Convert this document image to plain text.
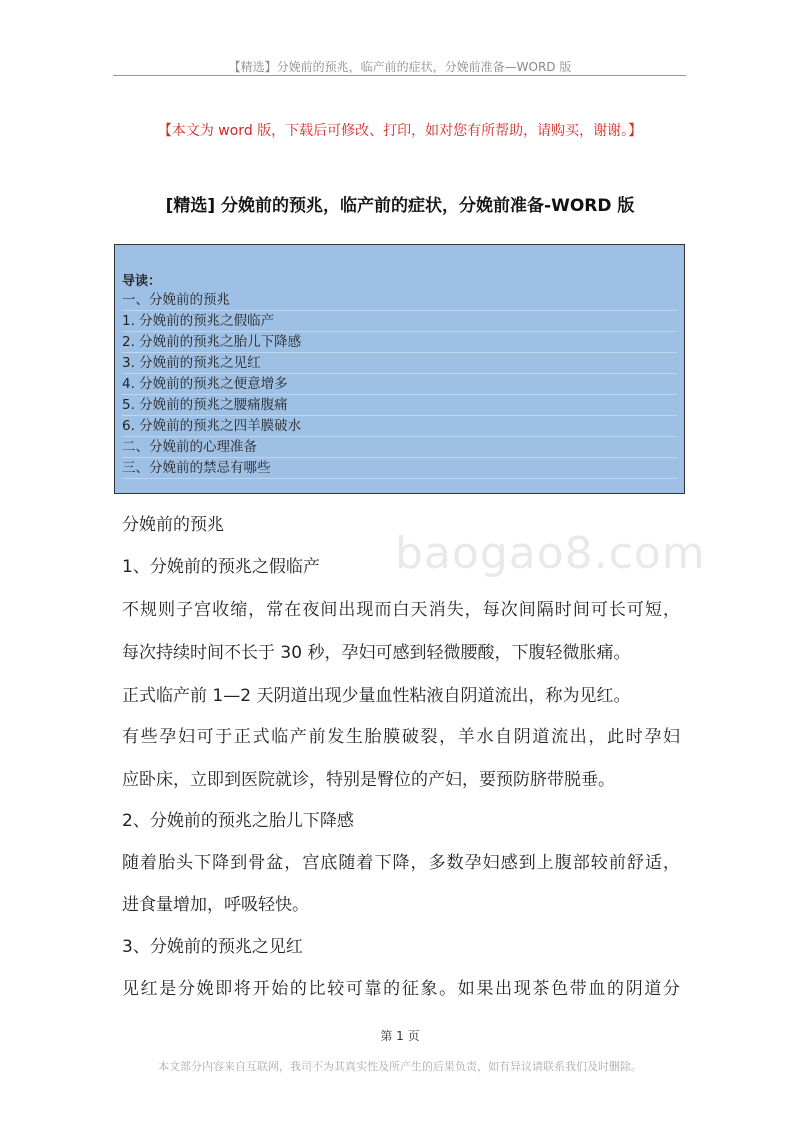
【精选】分娩前的预兆，临产前的症状，分娩前准备—WORD 版
【本文为 word 版，下载后可修改、打印，如对您有所帮助，请购买，谢谢。】
[精选] 分娩前的预兆，临产前的症状，分娩前准备-WORD 版
导读：
一、分娩前的预兆
1. 分娩前的预兆之假临产
2. 分娩前的预兆之胎儿下降感
3. 分娩前的预兆之见红
4. 分娩前的预兆之便意增多
5. 分娩前的预兆之腰痛腹痛
6. 分娩前的预兆之四羊膜破水
二、分娩前的心理准备
三、分娩前的禁忌有哪些
baogao8.com
分娩前的预兆
1、分娩前的预兆之假临产
不规则子宫收缩，常在夜间出现而白天消失，每次间隔时间可长可短，
每次持续时间不长于 30 秒，孕妇可感到轻微腰酸，下腹轻微胀痛。
正式临产前 1—2 天阴道出现少量血性粘液自阴道流出，称为见红。
有些孕妇可于正式临产前发生胎膜破裂，羊水自阴道流出，此时孕妇
应卧床，立即到医院就诊，特别是臀位的产妇，要预防脐带脱垂。
2、分娩前的预兆之胎儿下降感
随着胎头下降到骨盆，宫底随着下降，多数孕妇感到上腹部较前舒适，
进食量增加，呼吸轻快。
3、分娩前的预兆之见红
见红是分娩即将开始的比较可靠的征象。如果出现茶色带血的阴道分
第 1 页
本文部分内容来自互联网，我司不为其真实性及所产生的后果负责，如有异议请联系我们及时删除。
